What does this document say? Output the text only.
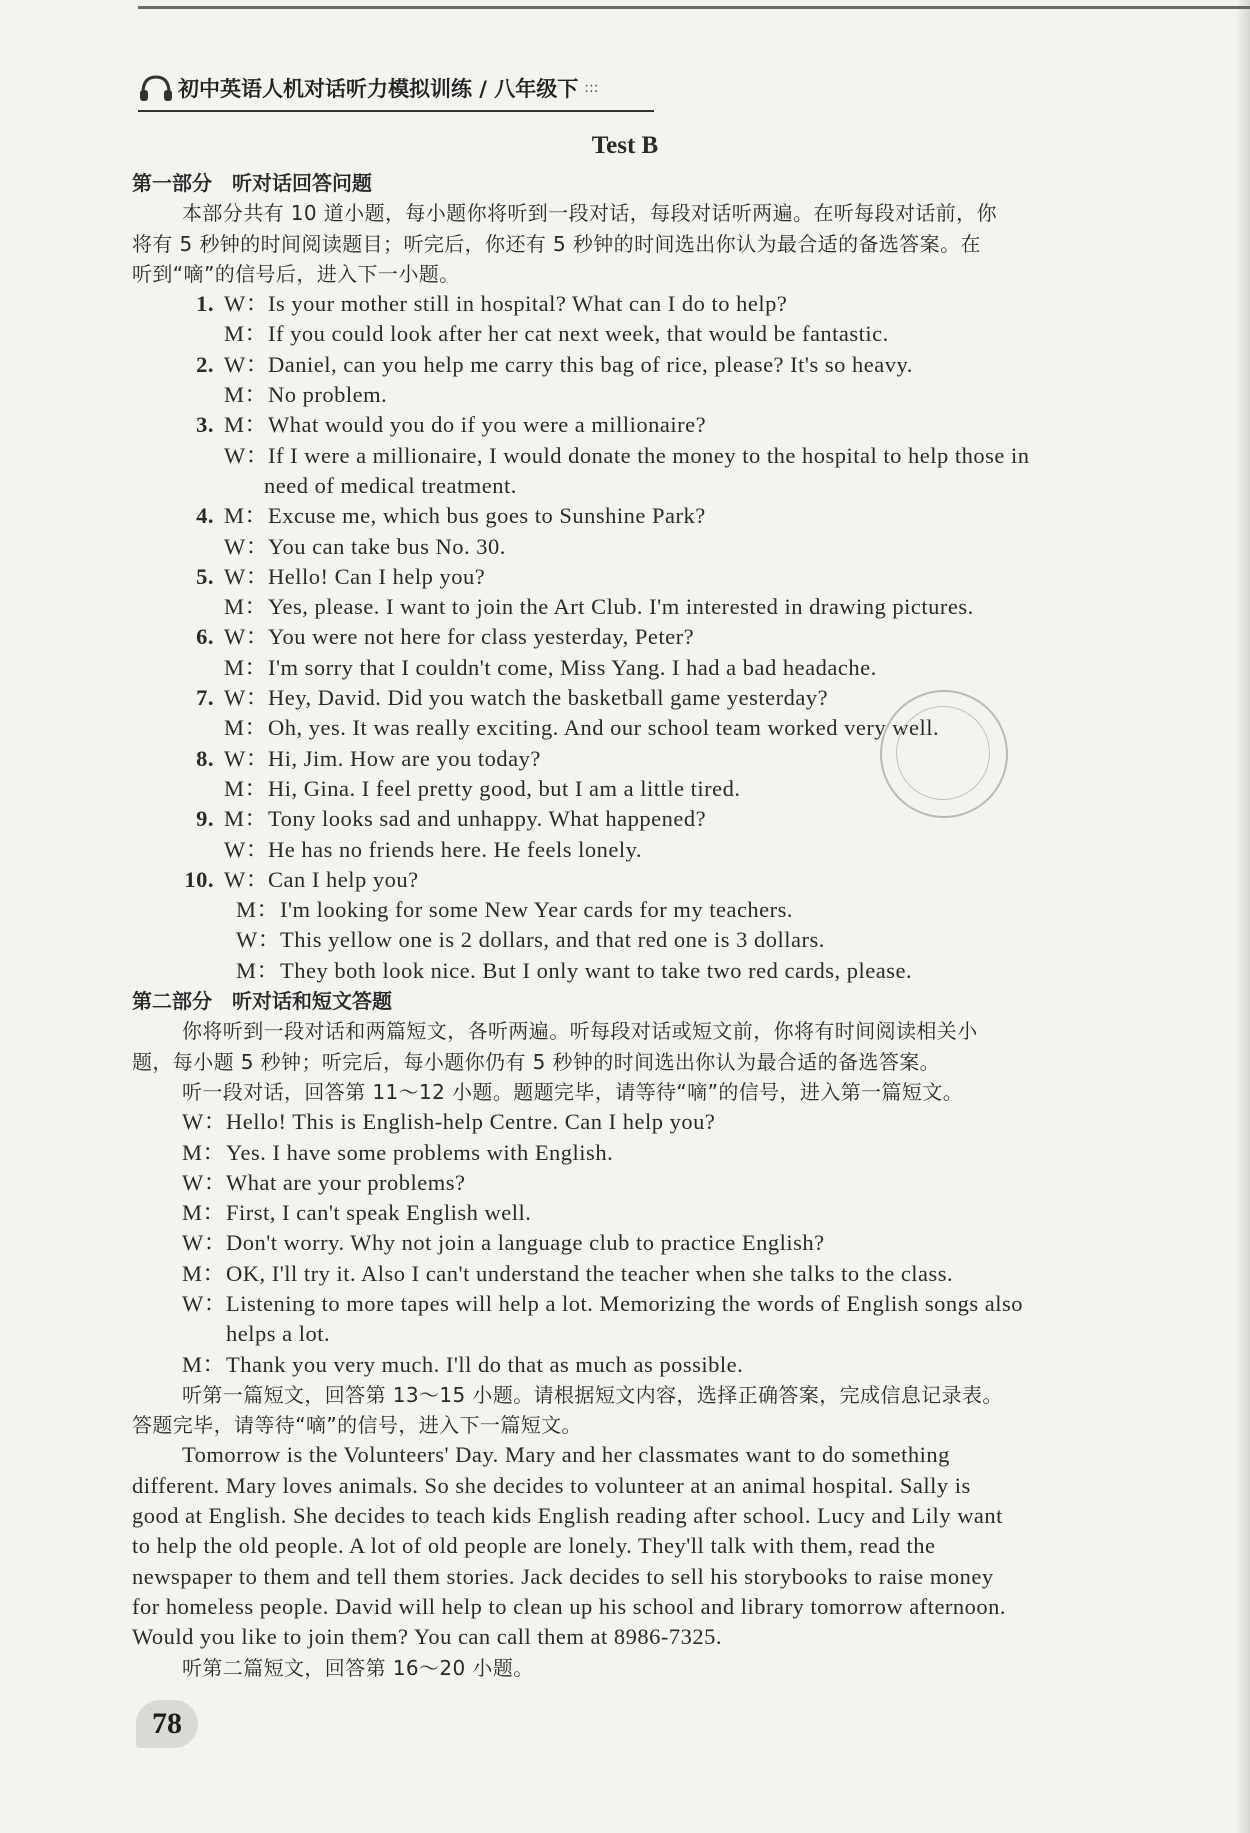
初中英语人机对话听力模拟训练 / 八年级下 :::
Test B
第一部分　听对话回答问题
本部分共有 10 道小题，每小题你将听到一段对话，每段对话听两遍。在听每段对话前，你
将有 5 秒钟的时间阅读题目；听完后，你还有 5 秒钟的时间选出你认为最合适的备选答案。在
听到“嘀”的信号后，进入下一小题。
1. W：Is your mother still in hospital? What can I do to help?
M：If you could look after her cat next week, that would be fantastic.
2. W：Daniel, can you help me carry this bag of rice, please? It's so heavy.
M：No problem.
3. M：What would you do if you were a millionaire?
W：If I were a millionaire, I would donate the money to the hospital to help those in
need of medical treatment.
4. M：Excuse me, which bus goes to Sunshine Park?
W：You can take bus No. 30.
5. W：Hello! Can I help you?
M：Yes, please. I want to join the Art Club. I'm interested in drawing pictures.
6. W：You were not here for class yesterday, Peter?
M：I'm sorry that I couldn't come, Miss Yang. I had a bad headache.
7. W：Hey, David. Did you watch the basketball game yesterday?
M：Oh, yes. It was really exciting. And our school team worked very well.
8. W：Hi, Jim. How are you today?
M：Hi, Gina. I feel pretty good, but I am a little tired.
9. M：Tony looks sad and unhappy. What happened?
W：He has no friends here. He feels lonely.
10. W：Can I help you?
M：I'm looking for some New Year cards for my teachers.
W：This yellow one is 2 dollars, and that red one is 3 dollars.
M：They both look nice. But I only want to take two red cards, please.
第二部分　听对话和短文答题
你将听到一段对话和两篇短文，各听两遍。听每段对话或短文前，你将有时间阅读相关小
题，每小题 5 秒钟；听完后，每小题你仍有 5 秒钟的时间选出你认为最合适的备选答案。
听一段对话，回答第 11～12 小题。题题完毕，请等待“嘀”的信号，进入第一篇短文。
W：Hello! This is English-help Centre. Can I help you?
M：Yes. I have some problems with English.
W：What are your problems?
M：First, I can't speak English well.
W：Don't worry. Why not join a language club to practice English?
M：OK, I'll try it. Also I can't understand the teacher when she talks to the class.
W：Listening to more tapes will help a lot. Memorizing the words of English songs also
helps a lot.
M：Thank you very much. I'll do that as much as possible.
听第一篇短文，回答第 13～15 小题。请根据短文内容，选择正确答案，完成信息记录表。
答题完毕，请等待“嘀”的信号，进入下一篇短文。
Tomorrow is the Volunteers' Day. Mary and her classmates want to do something
different. Mary loves animals. So she decides to volunteer at an animal hospital. Sally is
good at English. She decides to teach kids English reading after school. Lucy and Lily want
to help the old people. A lot of old people are lonely. They'll talk with them, read the
newspaper to them and tell them stories. Jack decides to sell his storybooks to raise money
for homeless people. David will help to clean up his school and library tomorrow afternoon.
Would you like to join them? You can call them at 8986-7325.
听第二篇短文，回答第 16～20 小题。
78
